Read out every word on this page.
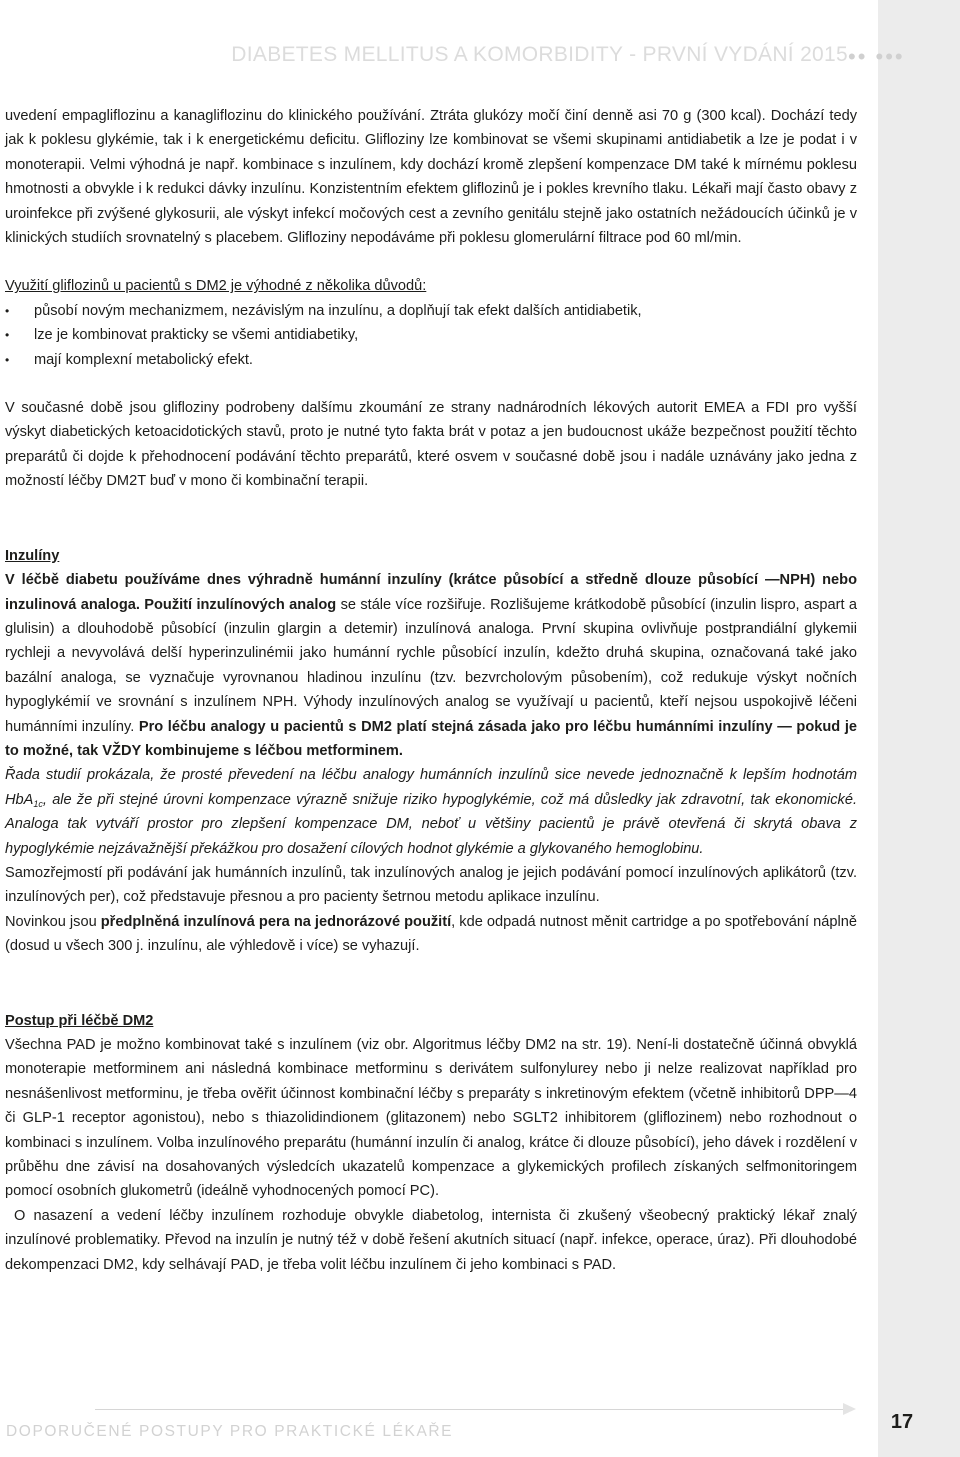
DIABETES MELLITUS A KOMORBIDITY - PRVNÍ VYDÁNÍ 2015 •• •••

uvedení empagliflozinu a kanagliflozinu do klinického používání. Ztráta glukózy močí činí denně asi 70 g (300 kcal). Dochází tedy jak k poklesu glykémie, tak i k energetickému deficitu. Glifloziny lze kombinovat se všemi skupinami antidiabetik a lze je podat i v monoterapii. Velmi výhodná je např. kombinace s inzulínem, kdy dochází kromě zlepšení kompenzace DM také k mírnému poklesu hmotnosti a obvykle i k redukci dávky inzulínu. Konzistentním efektem gliflozinů je i pokles krevního tlaku. Lékaři mají často obavy z uroinfekce při zvýšené glykosurii, ale výskyt infekcí močových cest a zevního genitálu stejně jako ostatních nežádoucích účinků je v klinických studiích srovnatelný s placebem. Glifloziny nepodáváme při poklesu glomerulární filtrace pod 60 ml/min.

Využití gliflozinů u pacientů s DM2 je výhodné z několika důvodů:

• působí novým mechanizmem, nezávislým na inzulínu, a doplňují tak efekt dalších antidiabetik,
• lze je kombinovat prakticky se všemi antidiabetiky,
• mají komplexní metabolický efekt.

V současné době jsou glifloziny podrobeny dalšímu zkoumání ze strany nadnárodních lékových autorit EMEA a FDI pro vyšší výskyt diabetických ketoacidotických stavů, proto je nutné tyto fakta brát v potaz a jen budoucnost ukáže bezpečnost použití těchto preparátů či dojde k přehodnocení podávání těchto preparátů, které osvem v současné době jsou i nadále uznávány jako jedna z možností léčby DM2T buď v mono či kombinační terapii.

Inzulíny

V léčbě diabetu používáme dnes výhradně humánní inzulíny (krátce působící a středně dlouze působící —NPH) nebo inzulinová analoga. Použití inzulínových analog se stále více rozšiřuje. Rozlišujeme krátkodobě působící (inzulin lispro, aspart a glulisin) a dlouhodobě působící (inzulin glargin a detemir) inzulínová analoga. První skupina ovlivňuje postprandiální glykemii rychleji a nevyvolává delší hyperinzulinémii jako humánní rychle působící inzulín, kdežto druhá skupina, označovaná také jako bazální analoga, se vyznačuje vyrovnanou hladinou inzulínu (tzv. bezvrcholovým působením), což redukuje výskyt nočních hypoglykémií ve srovnání s inzulínem NPH. Výhody inzulínových analog se využívají u pacientů, kteří nejsou uspokojivě léčeni humánními inzulíny. Pro léčbu analogy u pacientů s DM2 platí stejná zásada jako pro léčbu humánními inzulíny — pokud je to možné, tak VŽDY kombinujeme s léčbou metforminem.

Řada studií prokázala, že prosté převedení na léčbu analogy humánních inzulínů sice nevede jednoznačně k lepším hodnotám HbA$_{1c}$, ale že při stejné úrovni kompenzace výrazně snižuje riziko hypoglykémie, což má důsledky jak zdravotní, tak ekonomické. Analoga tak vytváří prostor pro zlepšení kompenzace DM, neboť u většiny pacientů je právě otevřená či skrytá obava z hypoglykémie nejzávažnější překážkou pro dosažení cílových hodnot glykémie a glykovaného hemoglobinu.

Samozřejmostí při podávání jak humánních inzulínů, tak inzulínových analog je jejich podávání pomocí inzulínových aplikátorů (tzv. inzulínových per), což představuje přesnou a pro pacienty šetrnou metodu aplikace inzulínu.

Novinkou jsou předplněná inzulínová pera na jednorázové použití, kde odpadá nutnost měnit cartridge a po spotřebování náplně (dosud u všech 300 j. inzulínu, ale výhledově i více) se vyhazují.

Postup při léčbě DM2

Všechna PAD je možno kombinovat také s inzulínem (viz obr. Algoritmus léčby DM2 na str. 19). Není-li dostatečně účinná obvyklá monoterapie metforminem ani následná kombinace metforminu s derivátem sulfonylurey nebo ji nelze realizovat například pro nesnášenlivost metforminu, je třeba ověřit účinnost kombinační léčby s preparáty s inkretinovým efektem (včetně inhibitorů DPP—4 či GLP-1 receptor agonistou), nebo s thiazolidindionem (glitazonem) nebo SGLT2 inhibitorem (gliflozinem) nebo rozhodnout o kombinaci s inzulínem. Volba inzulínového preparátu (humánní inzulín či analog, krátce či dlouze působící), jeho dávek i rozdělení v průběhu dne závisí na dosahovaných výsledcích ukazatelů kompenzace a glykemických profilech získaných selfmonitoringem pomocí osobních glukometrů (ideálně vyhodnocených pomocí PC).

O nasazení a vedení léčby inzulínem rozhoduje obvykle diabetolog, internista či zkušený všeobecný praktický lékař znalý inzulínové problematiky. Převod na inzulín je nutný též v době řešení akutních situací (např. infekce, operace, úraz). Při dlouhodobé dekompenzaci DM2, kdy selhávají PAD, je třeba volit léčbu inzulínem či jeho kombinaci s PAD.

DOPORUČENÉ POSTUPY PRO PRAKTICKÉ LÉKAŘE	17
